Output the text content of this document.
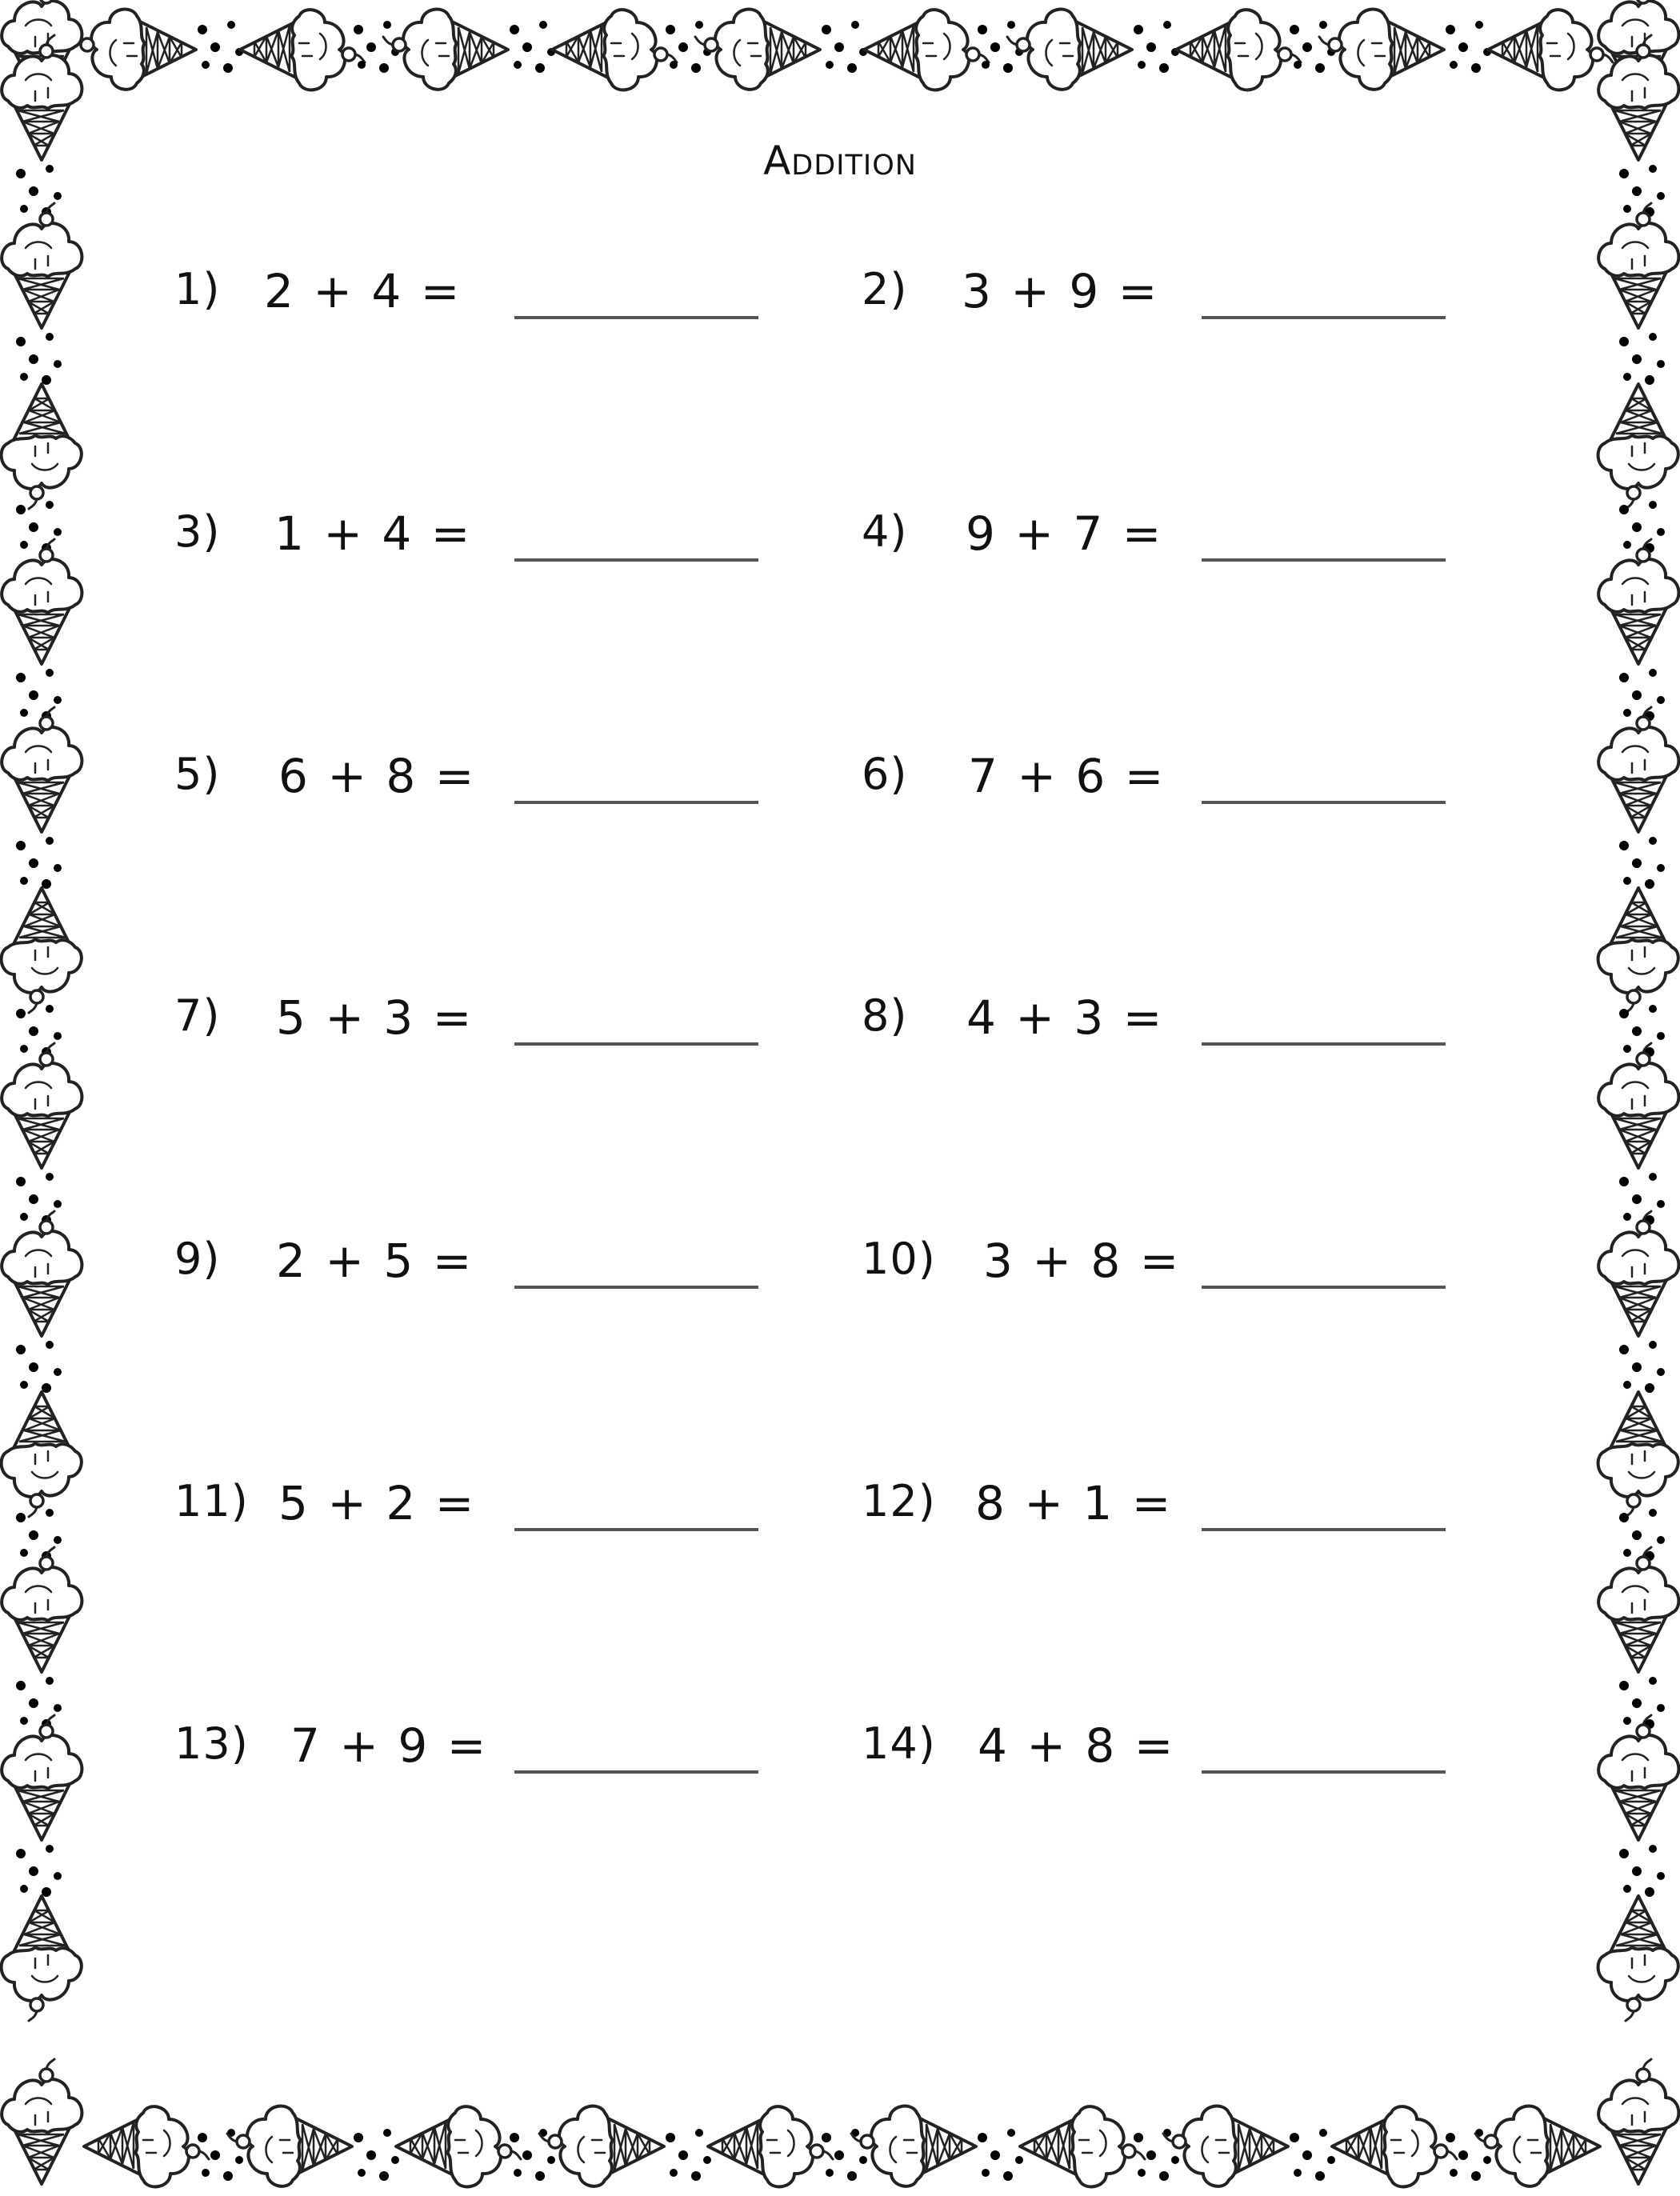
Addition
1) 2 + 4 =	2) 3 + 9 =
3) 1 + 4 =	4) 9 + 7 =
5) 6 + 8 =	6) 7 + 6 =
7) 5 + 3 =	8) 4 + 3 =
9) 2 + 5 =	10) 3 + 8 =
11) 5 + 2 =	12) 8 + 1 =
13) 7 + 9 =	14) 4 + 8 =
